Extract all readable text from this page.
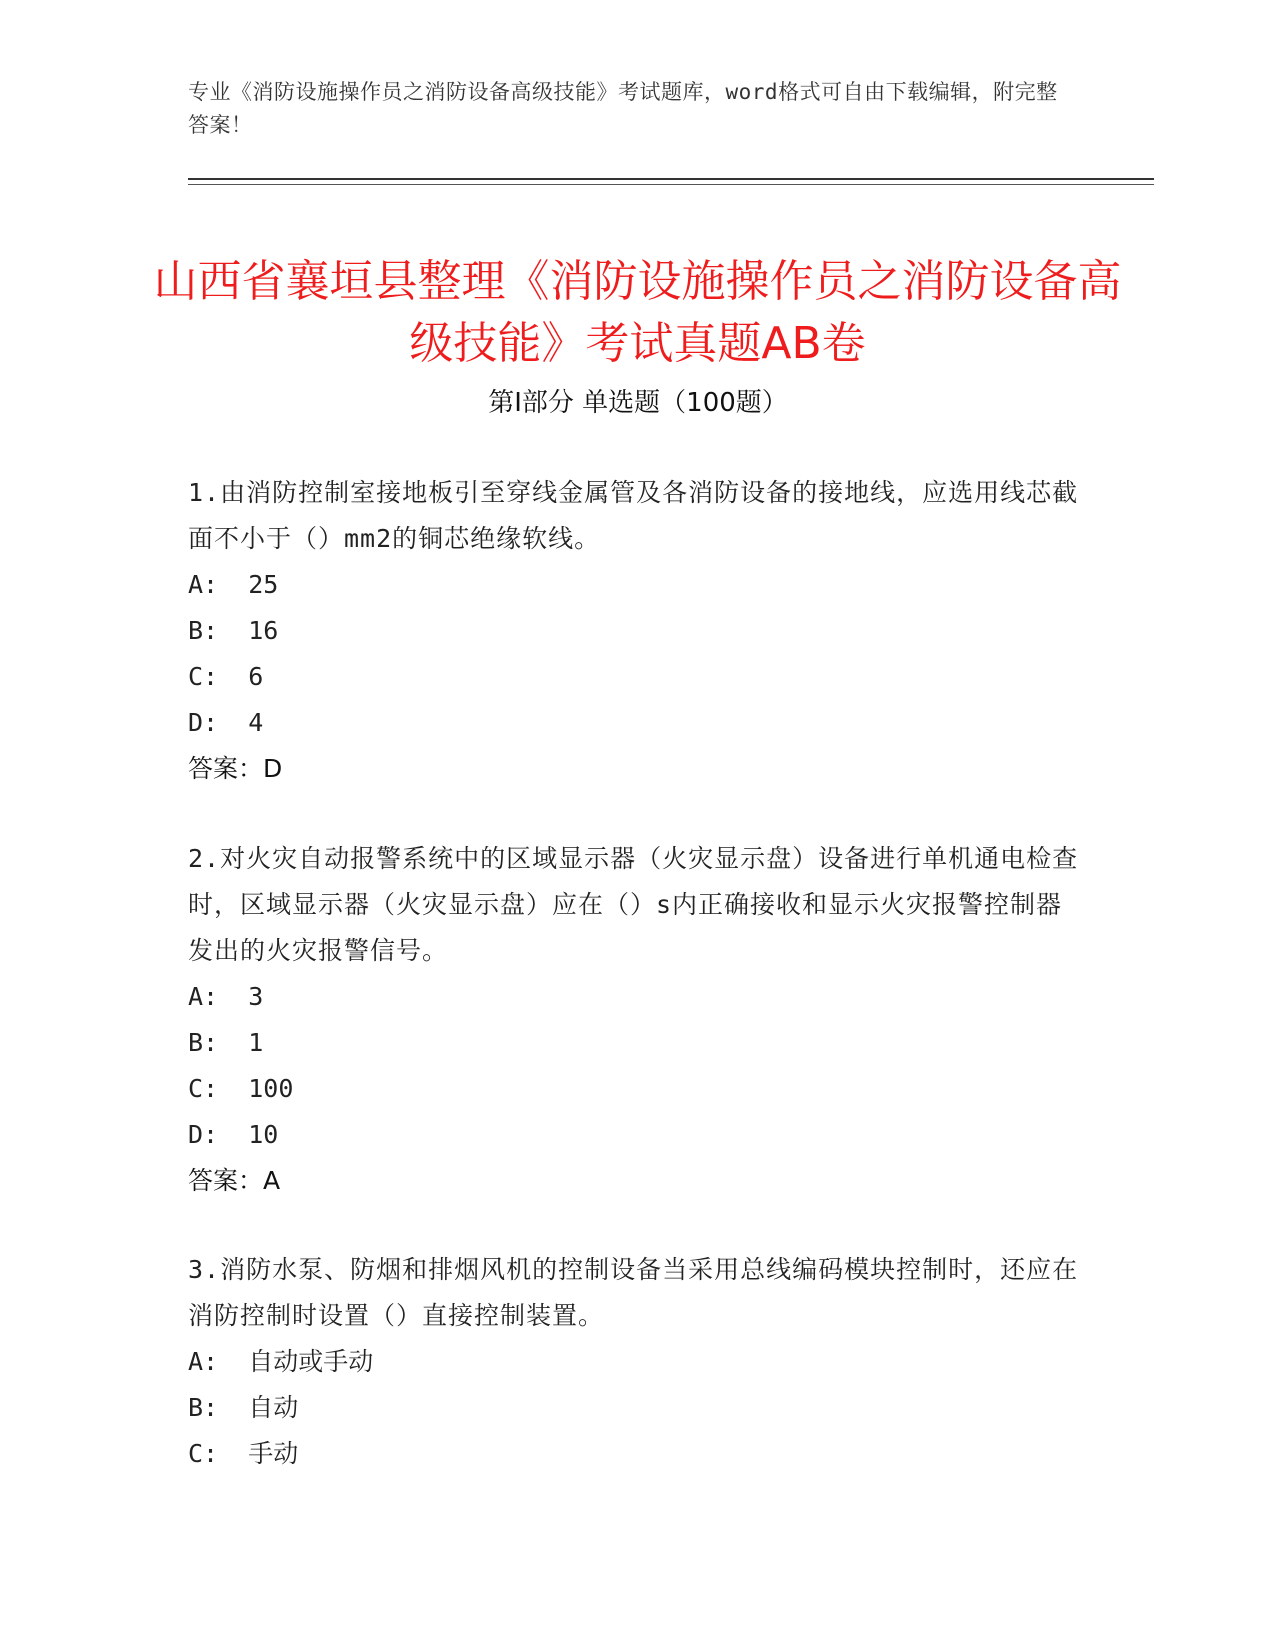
专业《消防设施操作员之消防设备高级技能》考试题库，word格式可自由下载编辑，附完整答案！
山西省襄垣县整理《消防设施操作员之消防设备高级技能》考试真题AB卷
第Ⅰ部分 单选题（100题）

1.由消防控制室接地板引至穿线金属管及各消防设备的接地线，应选用线芯截面不小于（）mm2的铜芯绝缘软线。

A: 25

B: 16

C: 6

D: 4

答案：D

2.对火灾自动报警系统中的区域显示器（火灾显示盘）设备进行单机通电检查时，区域显示器（火灾显示盘）应在（）s内正确接收和显示火灾报警控制器发出的火灾报警信号。

A: 3

B: 1

C: 100

D: 10

答案：A

3.消防水泵、防烟和排烟风机的控制设备当采用总线编码模块控制时，还应在消防控制时设置（）直接控制装置。

A: 自动或手动

B: 自动

C: 手动
